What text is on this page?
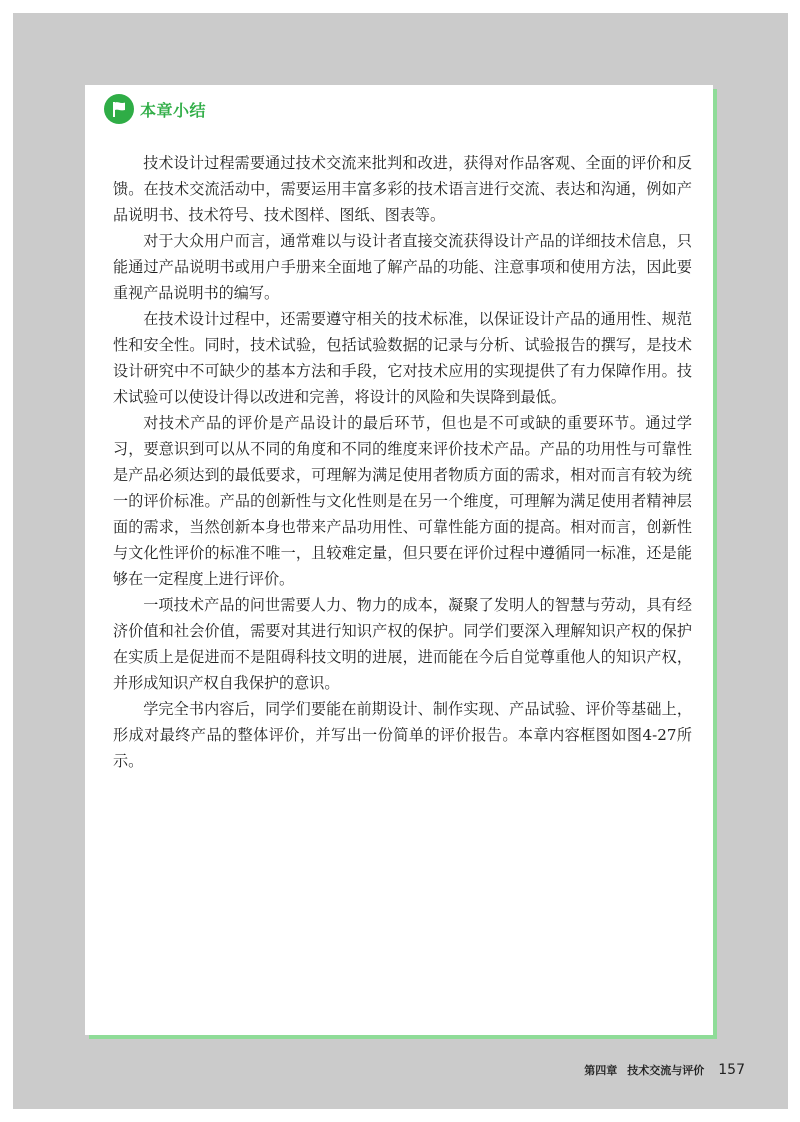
本章小结

技术设计过程需要通过技术交流来批判和改进，获得对作品客观、全面的评价和反馈。在技术交流活动中，需要运用丰富多彩的技术语言进行交流、表达和沟通，例如产品说明书、技术符号、技术图样、图纸、图表等。

对于大众用户而言，通常难以与设计者直接交流获得设计产品的详细技术信息，只能通过产品说明书或用户手册来全面地了解产品的功能、注意事项和使用方法，因此要重视产品说明书的编写。

在技术设计过程中，还需要遵守相关的技术标准，以保证设计产品的通用性、规范性和安全性。同时，技术试验，包括试验数据的记录与分析、试验报告的撰写，是技术设计研究中不可缺少的基本方法和手段，它对技术应用的实现提供了有力保障作用。技术试验可以使设计得以改进和完善，将设计的风险和失误降到最低。

对技术产品的评价是产品设计的最后环节，但也是不可或缺的重要环节。通过学习，要意识到可以从不同的角度和不同的维度来评价技术产品。产品的功用性与可靠性是产品必须达到的最低要求，可理解为满足使用者物质方面的需求，相对而言有较为统一的评价标准。产品的创新性与文化性则是在另一个维度，可理解为满足使用者精神层面的需求，当然创新本身也带来产品功用性、可靠性能方面的提高。相对而言，创新性与文化性评价的标准不唯一，且较难定量，但只要在评价过程中遵循同一标准，还是能够在一定程度上进行评价。

一项技术产品的问世需要人力、物力的成本，凝聚了发明人的智慧与劳动，具有经济价值和社会价值，需要对其进行知识产权的保护。同学们要深入理解知识产权的保护在实质上是促进而不是阻碍科技文明的进展，进而能在今后自觉尊重他人的知识产权，并形成知识产权自我保护的意识。

学完全书内容后，同学们要能在前期设计、制作实现、产品试验、评价等基础上，形成对最终产品的整体评价，并写出一份简单的评价报告。本章内容框图如图4-27所示。

第四章 技术交流与评价 157
